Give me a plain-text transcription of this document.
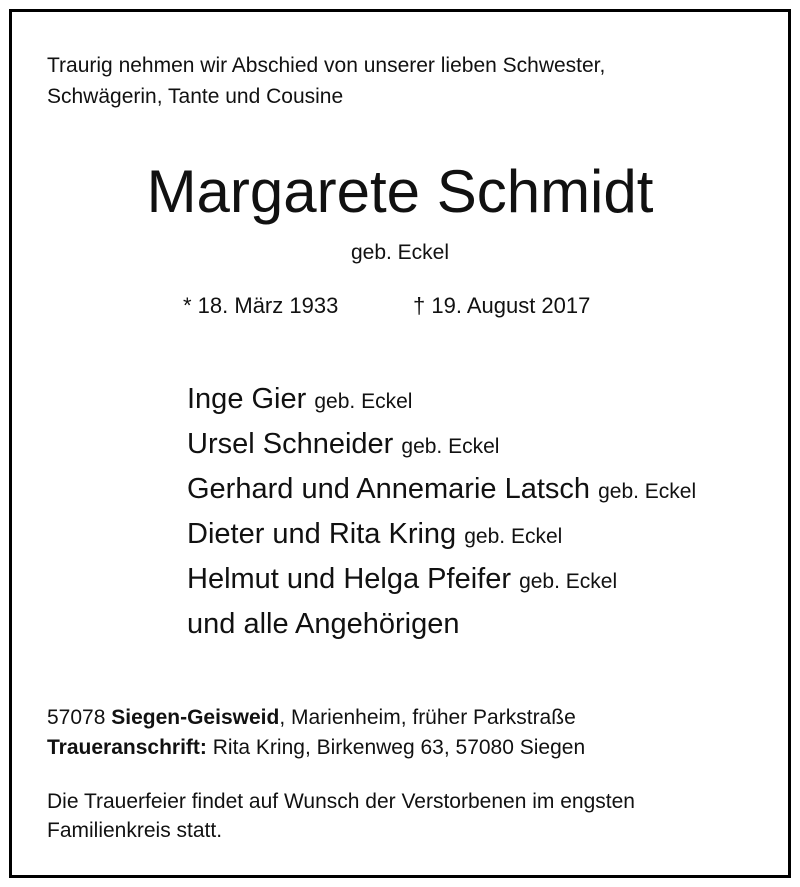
Traurig nehmen wir Abschied von unserer lieben Schwester,
Schwägerin, Tante und Cousine
Margarete Schmidt
geb. Eckel
* 18. März 1933	† 19. August 2017
Inge Gier geb. Eckel
Ursel Schneider geb. Eckel
Gerhard und Annemarie Latsch geb. Eckel
Dieter und Rita Kring geb. Eckel
Helmut und Helga Pfeifer geb. Eckel
und alle Angehörigen
57078 Siegen-Geisweid, Marienheim, früher Parkstraße
Traueranschrift: Rita Kring, Birkenweg 63, 57080 Siegen
Die Trauerfeier findet auf Wunsch der Verstorbenen im engsten
Familienkreis statt.
